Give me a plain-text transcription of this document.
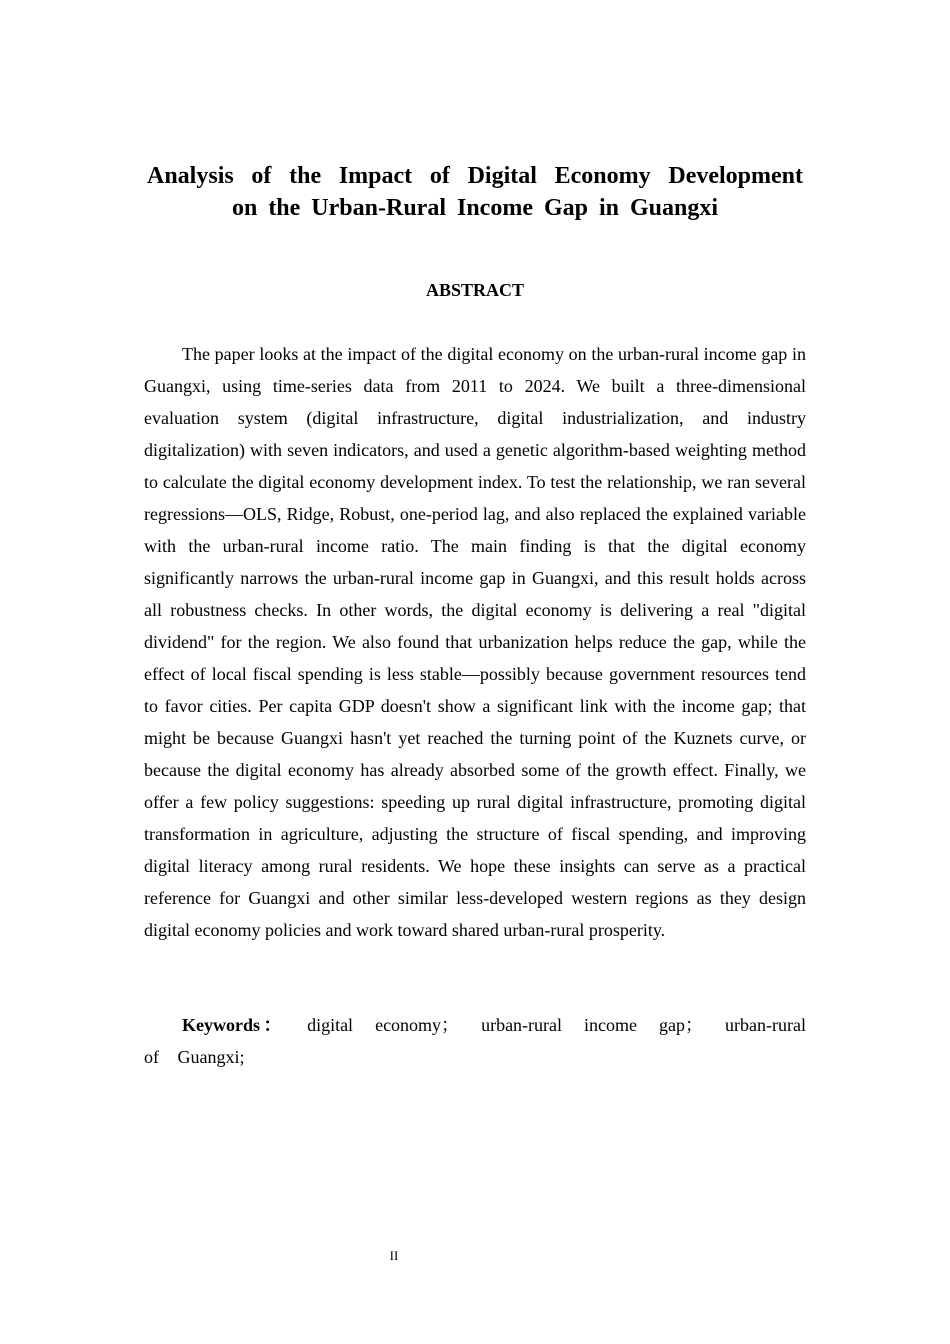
Analysis of the Impact of Digital Economy Development
on the Urban-Rural Income Gap in Guangxi
ABSTRACT

The paper looks at the impact of the digital economy on the urban-rural income gap in Guangxi, using time-series data from 2011 to 2024. We built a three-dimensional evaluation system (digital infrastructure, digital industrialization, and industry digitalization) with seven indicators, and used a genetic algorithm-based weighting method to calculate the digital economy development index. To test the relationship, we ran several regressions—OLS, Ridge, Robust, one-period lag, and also replaced the explained variable with the urban-rural income ratio. The main finding is that the digital economy significantly narrows the urban-rural income gap in Guangxi, and this result holds across all robustness checks. In other words, the digital economy is delivering a real "digital dividend" for the region. We also found that urbanization helps reduce the gap, while the effect of local fiscal spending is less stable—possibly because government resources tend to favor cities. Per capita GDP doesn't show a significant link with the income gap; that might be because Guangxi hasn't yet reached the turning point of the Kuznets curve, or because the digital economy has already absorbed some of the growth effect. Finally, we offer a few policy suggestions: speeding up rural digital infrastructure, promoting digital transformation in agriculture, adjusting the structure of fiscal spending, and improving digital literacy among rural residents. We hope these insights can serve as a practical reference for Guangxi and other similar less-developed western regions as they design digital economy policies and work toward shared urban-rural prosperity.

Keywords： digital economy； urban-rural income gap； urban-rural of Guangxi;

II
